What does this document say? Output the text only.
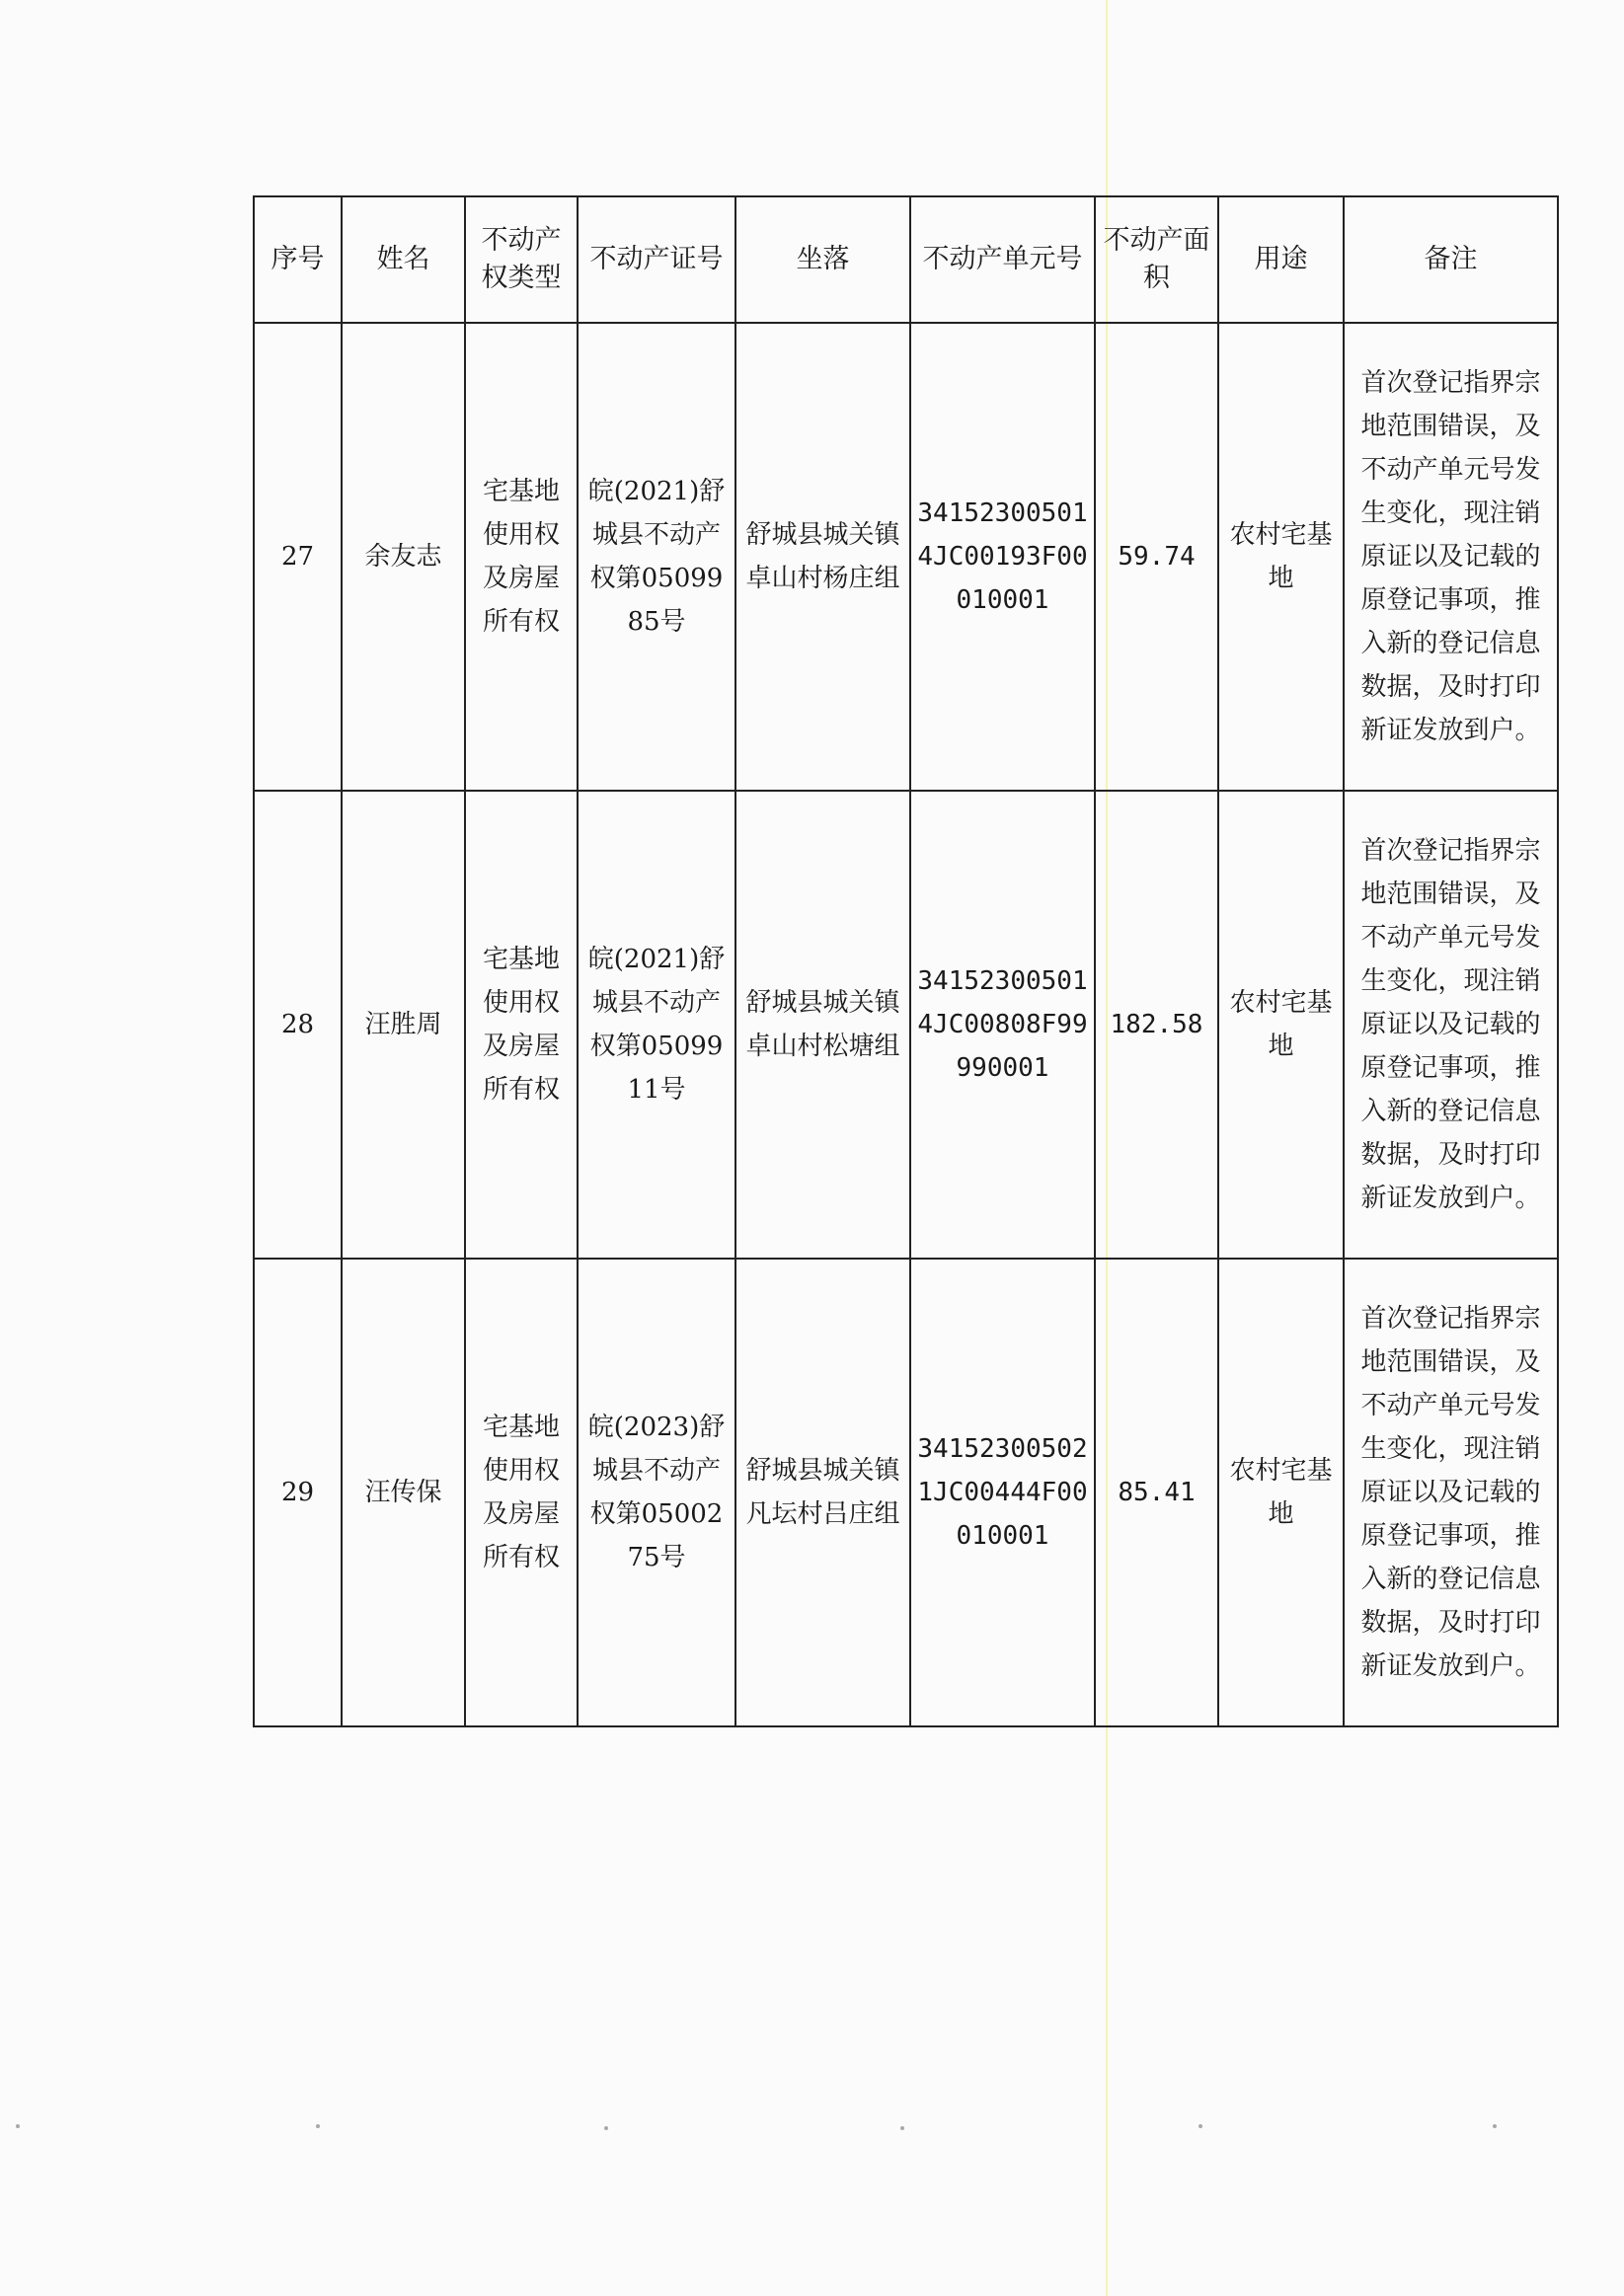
序号	姓名	不动产权类型	不动产证号	坐落	不动产单元号	不动产面积	用途	备注
27	余友志	宅基地使用权及房屋所有权	皖(2021)舒城县不动产权第0509985号	舒城县城关镇卓山村杨庄组	341523005014JC00193F00010001	59.74	农村宅基地	首次登记指界宗地范围错误，及不动产单元号发生变化，现注销原证以及记载的原登记事项，推入新的登记信息数据，及时打印新证发放到户。
28	汪胜周	宅基地使用权及房屋所有权	皖(2021)舒城县不动产权第0509911号	舒城县城关镇卓山村松塘组	341523005014JC00808F99990001	182.58	农村宅基地	首次登记指界宗地范围错误，及不动产单元号发生变化，现注销原证以及记载的原登记事项，推入新的登记信息数据，及时打印新证发放到户。
29	汪传保	宅基地使用权及房屋所有权	皖(2023)舒城县不动产权第0500275号	舒城县城关镇凡坛村吕庄组	341523005021JC00444F00010001	85.41	农村宅基地	首次登记指界宗地范围错误，及不动产单元号发生变化，现注销原证以及记载的原登记事项，推入新的登记信息数据，及时打印新证发放到户。
